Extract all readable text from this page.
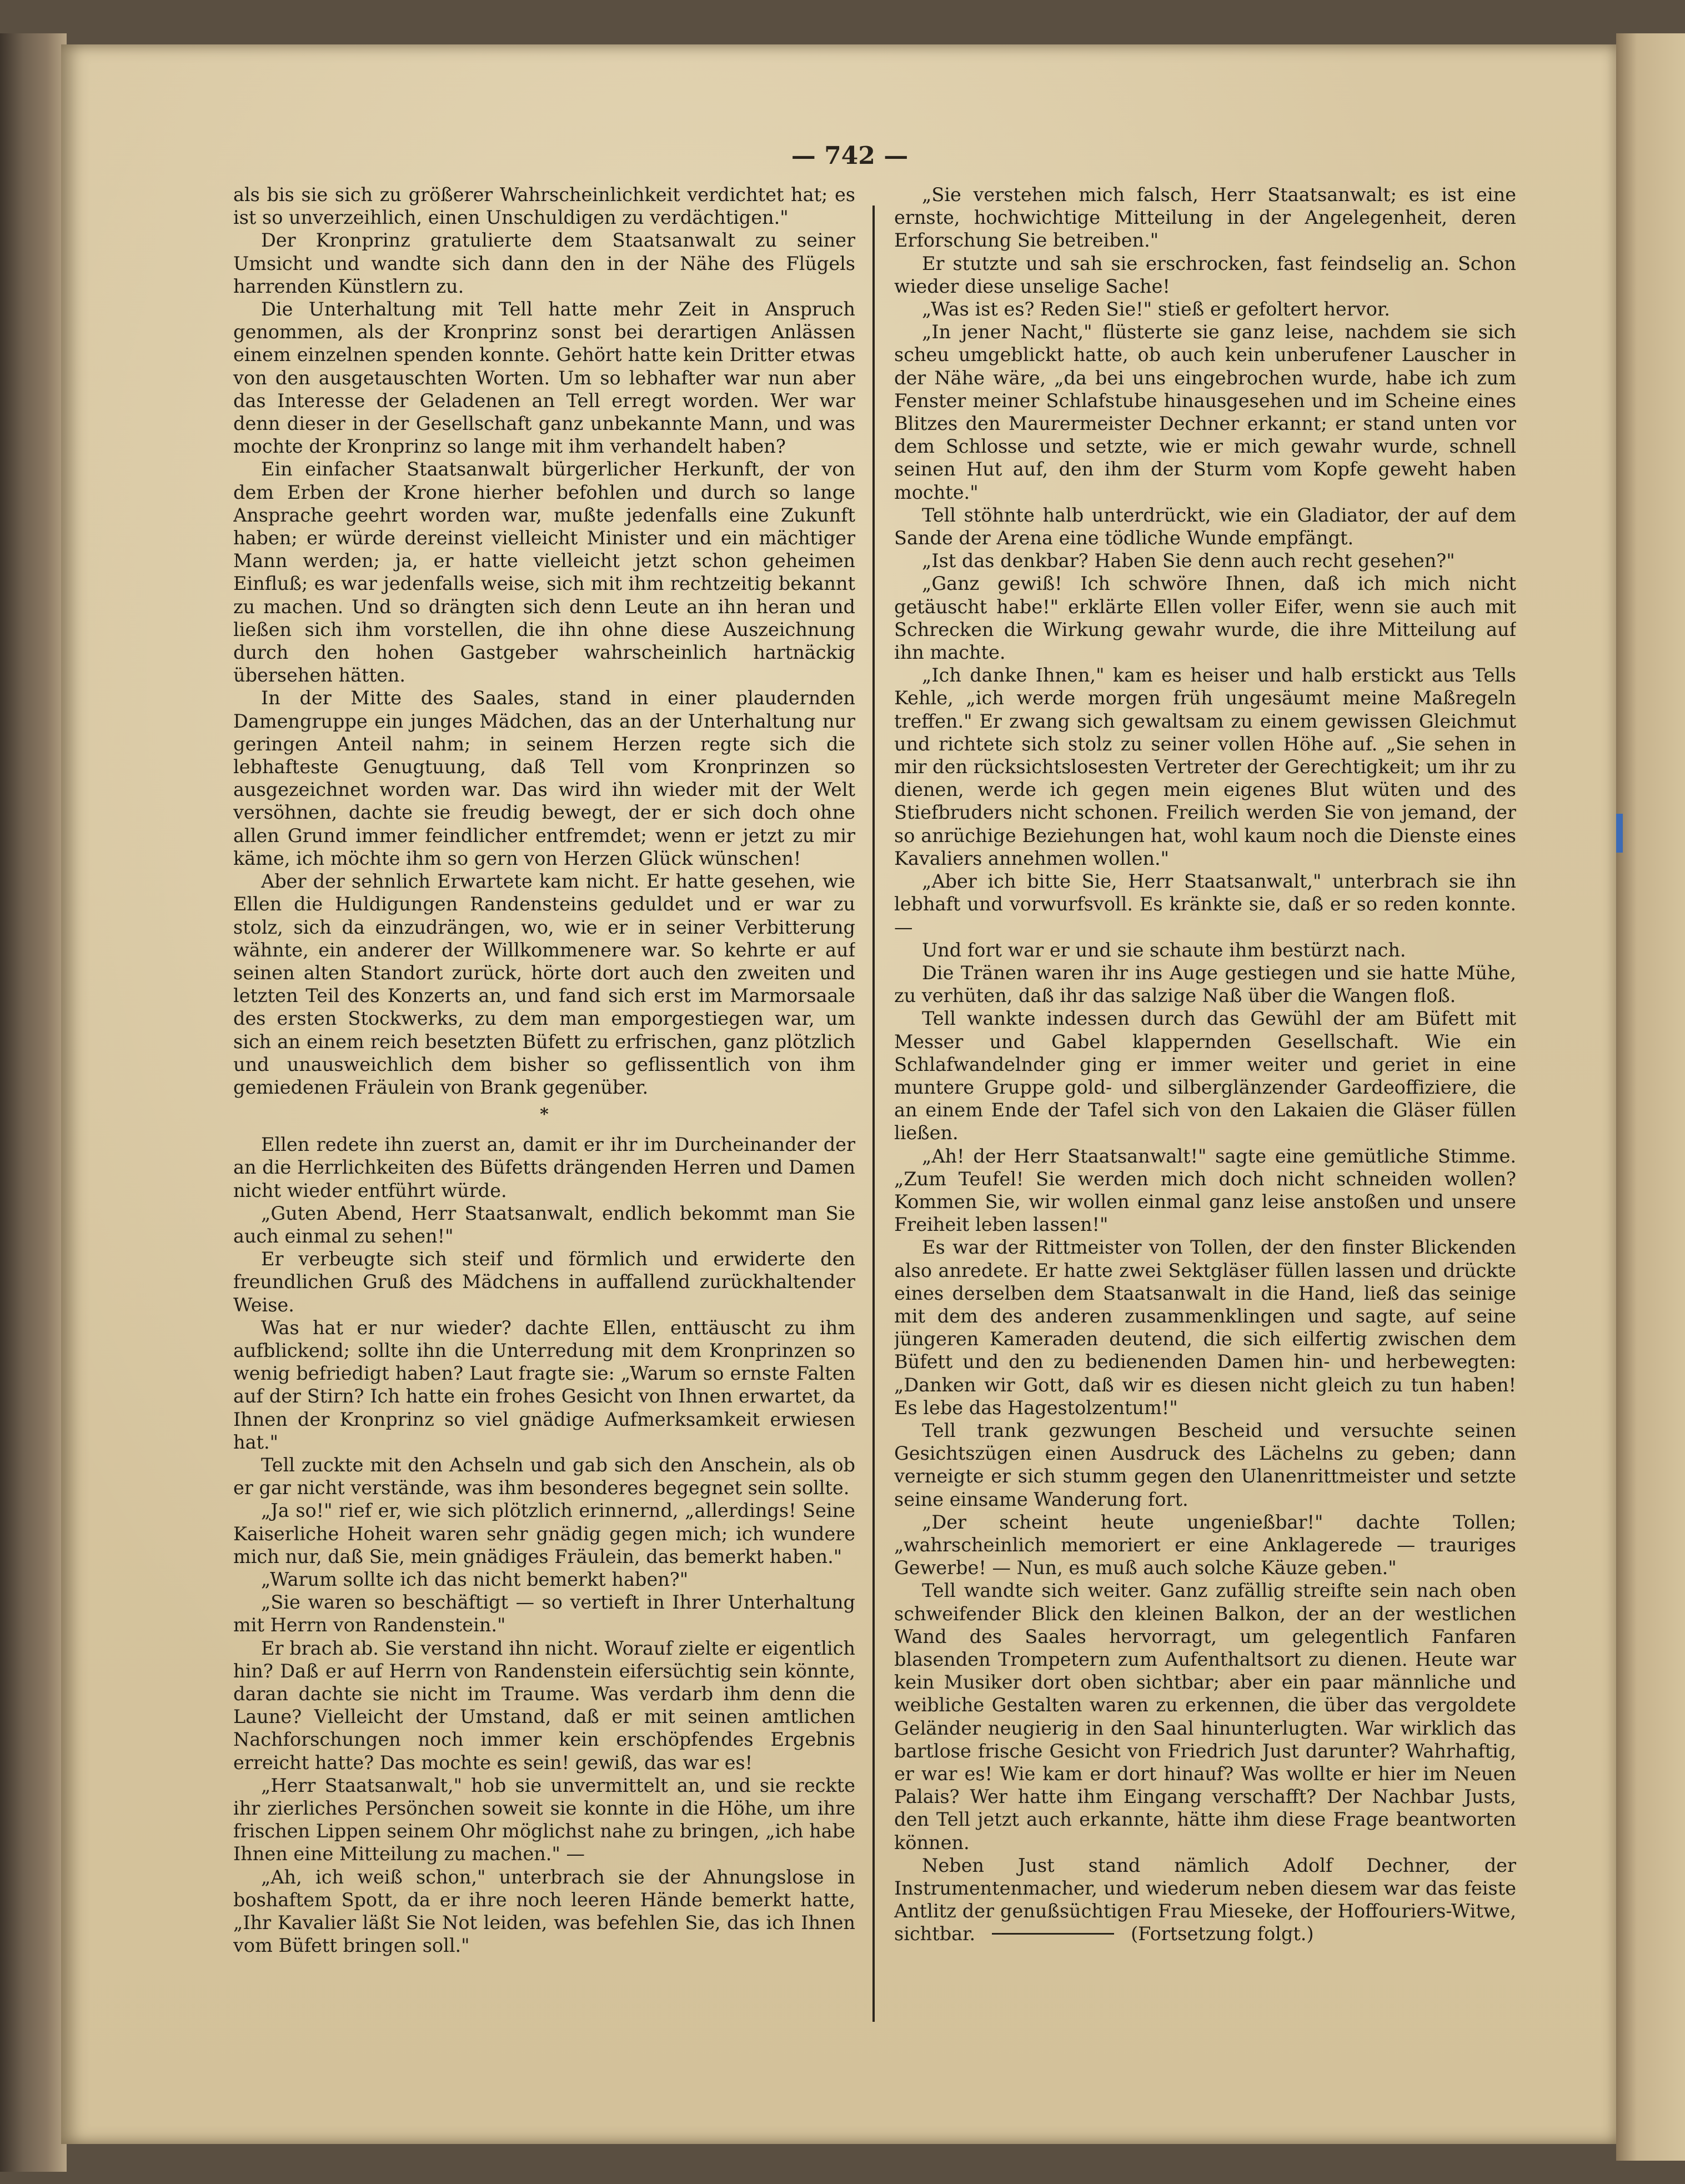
— 742 —

als bis sie sich zu größerer Wahrscheinlichkeit verdichtet hat; es ist so unverzeihlich, einen Unschuldigen zu verdächtigen."

Der Kronprinz gratulierte dem Staatsanwalt zu seiner Umsicht und wandte sich dann den in der Nähe des Flügels harrenden Künstlern zu.

Die Unterhaltung mit Tell hatte mehr Zeit in Anspruch genommen, als der Kronprinz sonst bei derartigen Anlässen einem einzelnen spenden konnte. Gehört hatte kein Dritter etwas von den ausgetauschten Worten. Um so lebhafter war nun aber das Interesse der Geladenen an Tell erregt worden. Wer war denn dieser in der Gesellschaft ganz unbekannte Mann, und was mochte der Kronprinz so lange mit ihm verhandelt haben?

Ein einfacher Staatsanwalt bürgerlicher Herkunft, der von dem Erben der Krone hierher befohlen und durch so lange Ansprache geehrt worden war, mußte jedenfalls eine Zukunft haben; er würde dereinst vielleicht Minister und ein mächtiger Mann werden; ja, er hatte vielleicht jetzt schon geheimen Einfluß; es war jedenfalls weise, sich mit ihm rechtzeitig bekannt zu machen. Und so drängten sich denn Leute an ihn heran und ließen sich ihm vorstellen, die ihn ohne diese Auszeichnung durch den hohen Gastgeber wahrscheinlich hartnäckig übersehen hätten.

In der Mitte des Saales, stand in einer plaudernden Damengruppe ein junges Mädchen, das an der Unterhaltung nur geringen Anteil nahm; in seinem Herzen regte sich die lebhafteste Genugtuung, daß Tell vom Kronprinzen so ausgezeichnet worden war. Das wird ihn wieder mit der Welt versöhnen, dachte sie freudig bewegt, der er sich doch ohne allen Grund immer feindlicher entfremdet; wenn er jetzt zu mir käme, ich möchte ihm so gern von Herzen Glück wünschen!

Aber der sehnlich Erwartete kam nicht. Er hatte gesehen, wie Ellen die Huldigungen Randensteins geduldet und er war zu stolz, sich da einzudrängen, wo, wie er in seiner Verbitterung wähnte, ein anderer der Willkommenere war. So kehrte er auf seinen alten Standort zurück, hörte dort auch den zweiten und letzten Teil des Konzerts an, und fand sich erst im Marmorsaale des ersten Stockwerks, zu dem man emporgestiegen war, um sich an einem reich besetzten Büfett zu erfrischen, ganz plötzlich und unausweichlich dem bisher so geflissentlich von ihm gemiedenen Fräulein von Brank gegenüber.

*

Ellen redete ihn zuerst an, damit er ihr im Durcheinander der an die Herrlichkeiten des Büfetts drängenden Herren und Damen nicht wieder entführt würde.

„Guten Abend, Herr Staatsanwalt, endlich bekommt man Sie auch einmal zu sehen!"

Er verbeugte sich steif und förmlich und erwiderte den freundlichen Gruß des Mädchens in auffallend zurückhaltender Weise.

Was hat er nur wieder? dachte Ellen, enttäuscht zu ihm aufblickend; sollte ihn die Unterredung mit dem Kronprinzen so wenig befriedigt haben? Laut fragte sie: „Warum so ernste Falten auf der Stirn? Ich hatte ein frohes Gesicht von Ihnen erwartet, da Ihnen der Kronprinz so viel gnädige Aufmerksamkeit erwiesen hat."

Tell zuckte mit den Achseln und gab sich den Anschein, als ob er gar nicht verstände, was ihm besonderes begegnet sein sollte.

„Ja so!" rief er, wie sich plötzlich erinnernd, „allerdings! Seine Kaiserliche Hoheit waren sehr gnädig gegen mich; ich wundere mich nur, daß Sie, mein gnädiges Fräulein, das bemerkt haben."

„Warum sollte ich das nicht bemerkt haben?"

„Sie waren so beschäftigt — so vertieft in Ihrer Unterhaltung mit Herrn von Randenstein."

Er brach ab. Sie verstand ihn nicht. Worauf zielte er eigentlich hin? Daß er auf Herrn von Randenstein eifersüchtig sein könnte, daran dachte sie nicht im Traume. Was verdarb ihm denn die Laune? Vielleicht der Umstand, daß er mit seinen amtlichen Nachforschungen noch immer kein erschöpfendes Ergebnis erreicht hatte? Das mochte es sein! gewiß, das war es!

„Herr Staatsanwalt," hob sie unvermittelt an, und sie reckte ihr zierliches Persönchen soweit sie konnte in die Höhe, um ihre frischen Lippen seinem Ohr möglichst nahe zu bringen, „ich habe Ihnen eine Mitteilung zu machen." —

„Ah, ich weiß schon," unterbrach sie der Ahnungslose in boshaftem Spott, da er ihre noch leeren Hände bemerkt hatte, „Ihr Kavalier läßt Sie Not leiden, was befehlen Sie, das ich Ihnen vom Büfett bringen soll."

„Sie verstehen mich falsch, Herr Staatsanwalt; es ist eine ernste, hochwichtige Mitteilung in der Angelegenheit, deren Erforschung Sie betreiben."

Er stutzte und sah sie erschrocken, fast feindselig an. Schon wieder diese unselige Sache!

„Was ist es? Reden Sie!" stieß er gefoltert hervor.

„In jener Nacht," flüsterte sie ganz leise, nachdem sie sich scheu umgeblickt hatte, ob auch kein unberufener Lauscher in der Nähe wäre, „da bei uns eingebrochen wurde, habe ich zum Fenster meiner Schlafstube hinausgesehen und im Scheine eines Blitzes den Maurermeister Dechner erkannt; er stand unten vor dem Schlosse und setzte, wie er mich gewahr wurde, schnell seinen Hut auf, den ihm der Sturm vom Kopfe geweht haben mochte."

Tell stöhnte halb unterdrückt, wie ein Gladiator, der auf dem Sande der Arena eine tödliche Wunde empfängt.

„Ist das denkbar? Haben Sie denn auch recht gesehen?"

„Ganz gewiß! Ich schwöre Ihnen, daß ich mich nicht getäuscht habe!" erklärte Ellen voller Eifer, wenn sie auch mit Schrecken die Wirkung gewahr wurde, die ihre Mitteilung auf ihn machte.

„Ich danke Ihnen," kam es heiser und halb erstickt aus Tells Kehle, „ich werde morgen früh ungesäumt meine Maßregeln treffen." Er zwang sich gewaltsam zu einem gewissen Gleichmut und richtete sich stolz zu seiner vollen Höhe auf. „Sie sehen in mir den rücksichtslosesten Vertreter der Gerechtigkeit; um ihr zu dienen, werde ich gegen mein eigenes Blut wüten und des Stiefbruders nicht schonen. Freilich werden Sie von jemand, der so anrüchige Beziehungen hat, wohl kaum noch die Dienste eines Kavaliers annehmen wollen."

„Aber ich bitte Sie, Herr Staatsanwalt," unterbrach sie ihn lebhaft und vorwurfsvoll. Es kränkte sie, daß er so reden konnte. —

Und fort war er und sie schaute ihm bestürzt nach.

Die Tränen waren ihr ins Auge gestiegen und sie hatte Mühe, zu verhüten, daß ihr das salzige Naß über die Wangen floß.

Tell wankte indessen durch das Gewühl der am Büfett mit Messer und Gabel klappernden Gesellschaft. Wie ein Schlafwandelnder ging er immer weiter und geriet in eine muntere Gruppe gold- und silberglänzender Gardeoffiziere, die an einem Ende der Tafel sich von den Lakaien die Gläser füllen ließen.

„Ah! der Herr Staatsanwalt!" sagte eine gemütliche Stimme. „Zum Teufel! Sie werden mich doch nicht schneiden wollen? Kommen Sie, wir wollen einmal ganz leise anstoßen und unsere Freiheit leben lassen!"

Es war der Rittmeister von Tollen, der den finster Blickenden also anredete. Er hatte zwei Sektgläser füllen lassen und drückte eines derselben dem Staatsanwalt in die Hand, ließ das seinige mit dem des anderen zusammenklingen und sagte, auf seine jüngeren Kameraden deutend, die sich eilfertig zwischen dem Büfett und den zu bedienenden Damen hin- und herbewegten: „Danken wir Gott, daß wir es diesen nicht gleich zu tun haben! Es lebe das Hagestolzentum!"

Tell trank gezwungen Bescheid und versuchte seinen Gesichtszügen einen Ausdruck des Lächelns zu geben; dann verneigte er sich stumm gegen den Ulanenrittmeister und setzte seine einsame Wanderung fort.

„Der scheint heute ungenießbar!" dachte Tollen; „wahrscheinlich memoriert er eine Anklagerede — trauriges Gewerbe! — Nun, es muß auch solche Käuze geben."

Tell wandte sich weiter. Ganz zufällig streifte sein nach oben schweifender Blick den kleinen Balkon, der an der westlichen Wand des Saales hervorragt, um gelegentlich Fanfaren blasenden Trompetern zum Aufenthaltsort zu dienen. Heute war kein Musiker dort oben sichtbar; aber ein paar männliche und weibliche Gestalten waren zu erkennen, die über das vergoldete Geländer neugierig in den Saal hinunterlugten. War wirklich das bartlose frische Gesicht von Friedrich Just darunter? Wahrhaftig, er war es! Wie kam er dort hinauf? Was wollte er hier im Neuen Palais? Wer hatte ihm Eingang verschafft? Der Nachbar Justs, den Tell jetzt auch erkannte, hätte ihm diese Frage beantworten können.

Neben Just stand nämlich Adolf Dechner, der Instrumentenmacher, und wiederum neben diesem war das feiste Antlitz der genußsüchtigen Frau Mieseke, der Hoffouriers-Witwe, sichtbar.	(Fortsetzung folgt.)
